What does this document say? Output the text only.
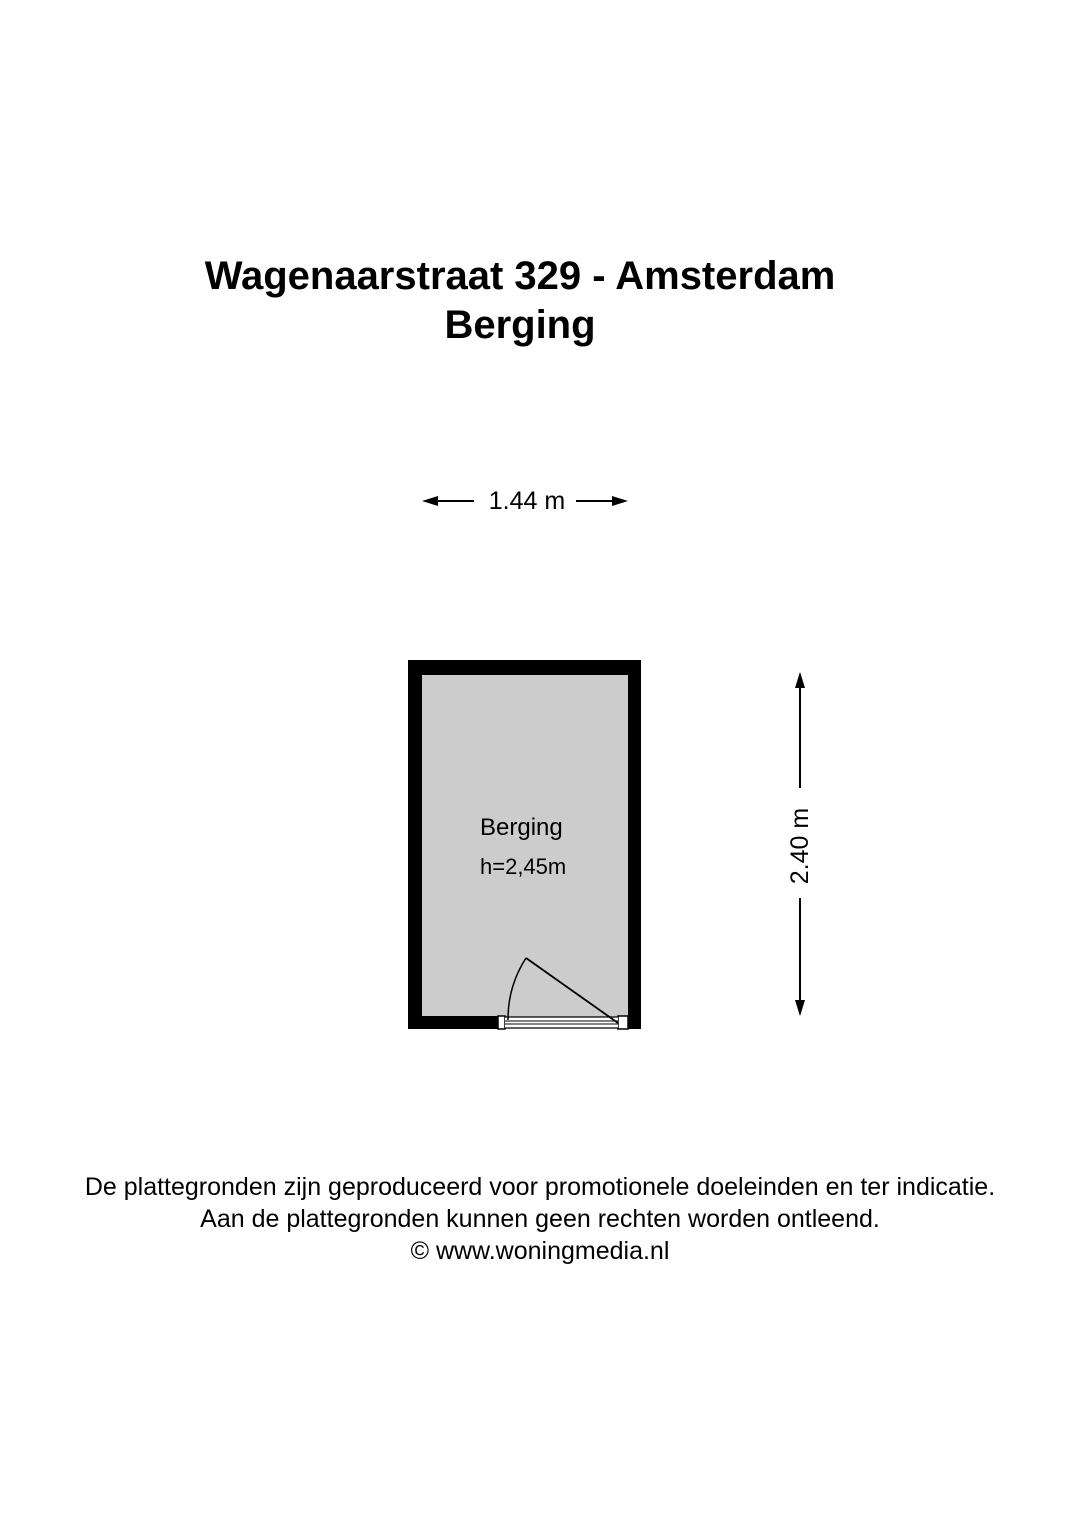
Wagenaarstraat 329 - Amsterdam
Berging
1.44 m
Berging
h=2,45m	2.40 m
De plattegronden zijn geproduceerd voor promotionele doeleinden en ter indicatie.
Aan de plattegronden kunnen geen rechten worden ontleend.
© www.woningmedia.nl
